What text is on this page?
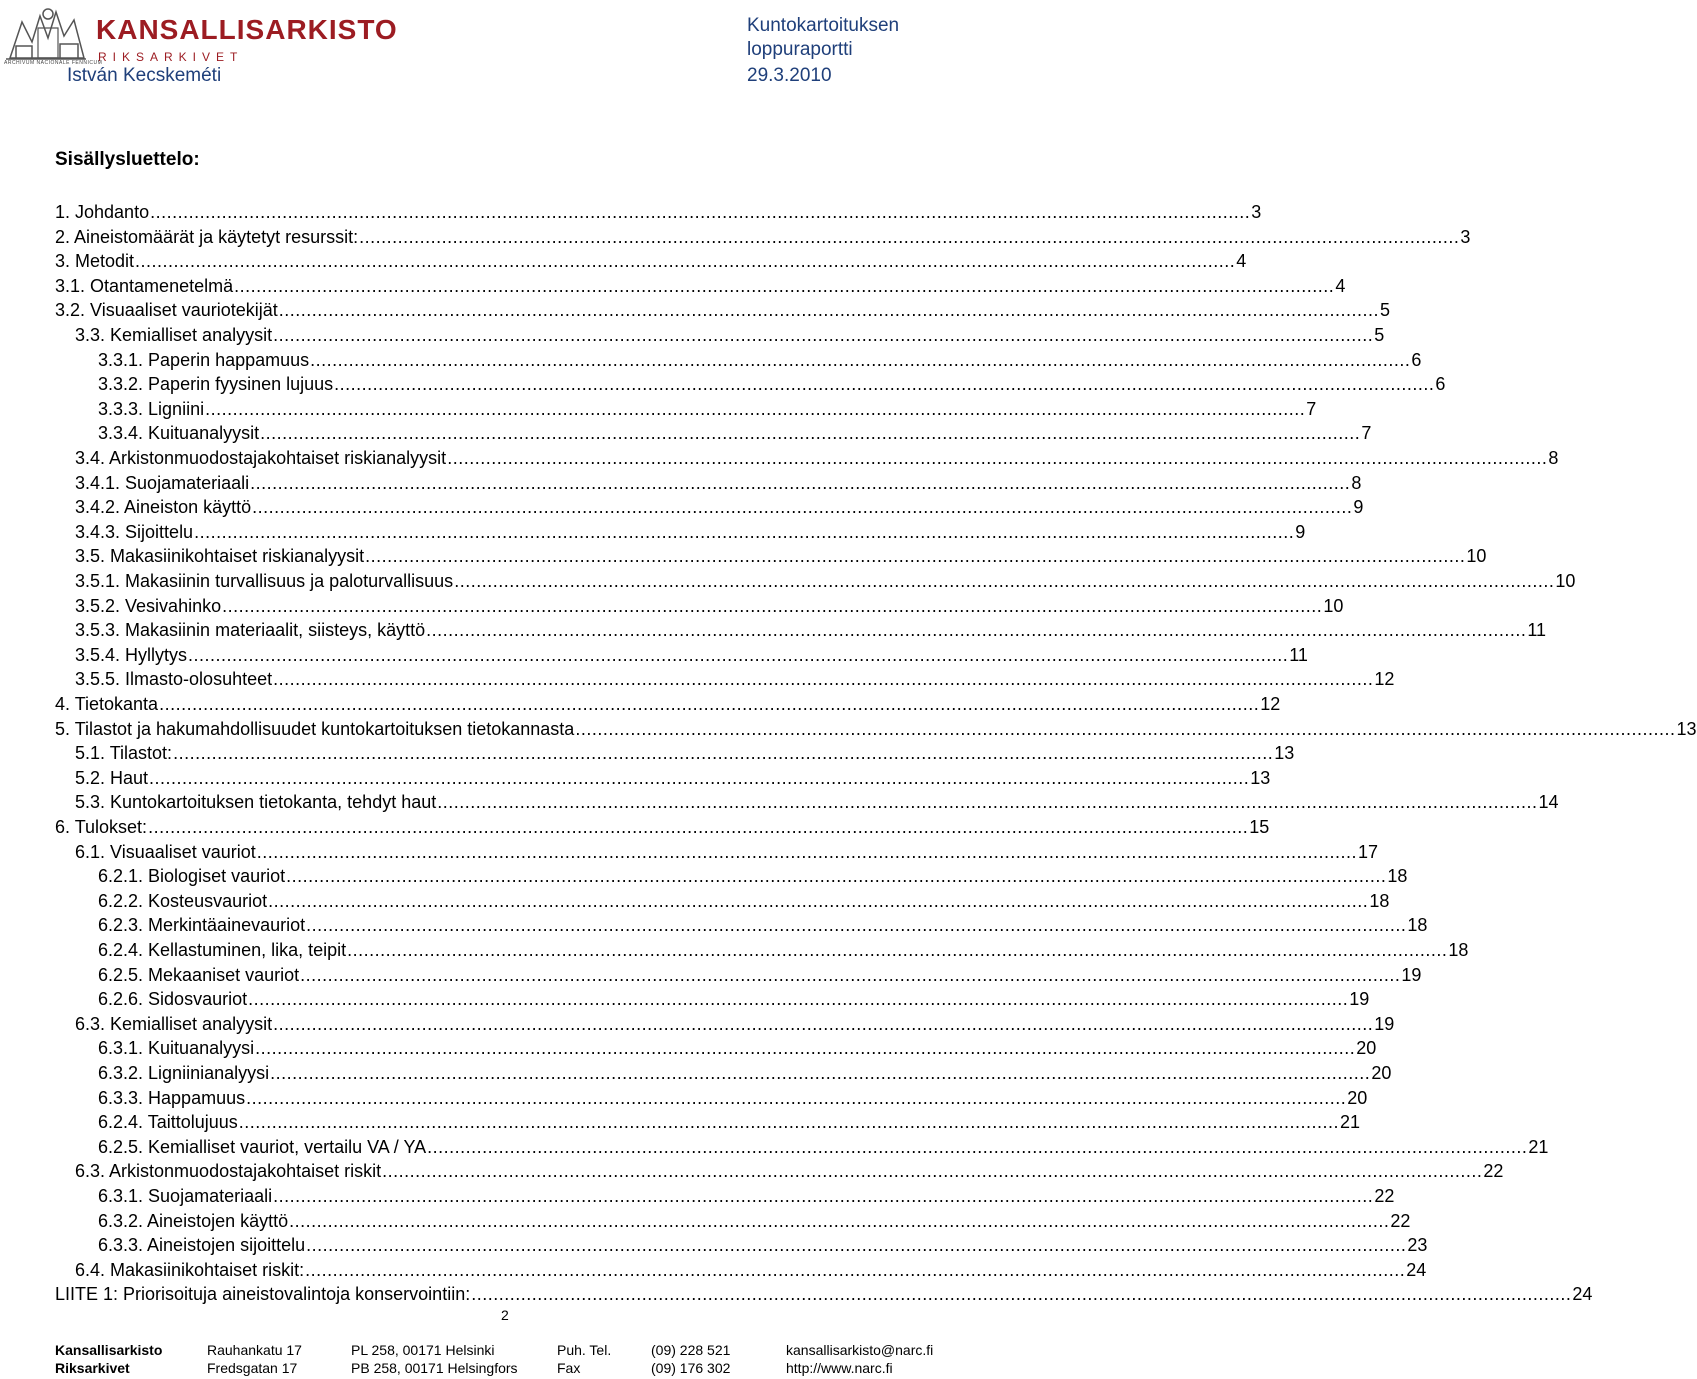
KANSALLISARKISTO
RIKSARKIVET
ARCHIVUM NACIONALE FENNICUM
István Kecskeméti
Kuntokartoituksen
loppuraportti
29.3.2010
Sisällysluettelo:
1. Johdanto ........................................................................................................................................................................................................ 3
2. Aineistomäärät ja käytetyt resurssit: ........................................................................................................................................................................................................ 3
3. Metodit ........................................................................................................................................................................................................ 4
3.1. Otantamenetelmä ........................................................................................................................................................................................................ 4
3.2. Visuaaliset vauriotekijät ........................................................................................................................................................................................................ 5
3.3. Kemialliset analyysit ........................................................................................................................................................................................................ 5
3.3.1. Paperin happamuus ........................................................................................................................................................................................................ 6
3.3.2. Paperin fyysinen lujuus ........................................................................................................................................................................................................ 6
3.3.3. Ligniini ........................................................................................................................................................................................................ 7
3.3.4. Kuituanalyysit ........................................................................................................................................................................................................ 7
3.4. Arkistonmuodostajakohtaiset riskianalyysit ........................................................................................................................................................................................................ 8
3.4.1. Suojamateriaali ........................................................................................................................................................................................................ 8
3.4.2. Aineiston käyttö ........................................................................................................................................................................................................ 9
3.4.3. Sijoittelu ........................................................................................................................................................................................................ 9
3.5. Makasiinikohtaiset riskianalyysit ........................................................................................................................................................................................................ 10
3.5.1. Makasiinin turvallisuus ja paloturvallisuus ........................................................................................................................................................................................................ 10
3.5.2. Vesivahinko ........................................................................................................................................................................................................ 10
3.5.3. Makasiinin materiaalit, siisteys, käyttö ........................................................................................................................................................................................................ 11
3.5.4. Hyllytys ........................................................................................................................................................................................................ 11
3.5.5. Ilmasto-olosuhteet ........................................................................................................................................................................................................ 12
4. Tietokanta ........................................................................................................................................................................................................ 12
5. Tilastot ja hakumahdollisuudet kuntokartoituksen tietokannasta ........................................................................................................................................................................................................ 13
5.1. Tilastot: ........................................................................................................................................................................................................ 13
5.2. Haut ........................................................................................................................................................................................................ 13
5.3. Kuntokartoituksen tietokanta, tehdyt haut ........................................................................................................................................................................................................ 14
6. Tulokset: ........................................................................................................................................................................................................ 15
6.1. Visuaaliset vauriot ........................................................................................................................................................................................................ 17
6.2.1. Biologiset vauriot ........................................................................................................................................................................................................ 18
6.2.2. Kosteusvauriot ........................................................................................................................................................................................................ 18
6.2.3. Merkintäainevauriot ........................................................................................................................................................................................................ 18
6.2.4. Kellastuminen, lika, teipit ........................................................................................................................................................................................................ 18
6.2.5. Mekaaniset vauriot ........................................................................................................................................................................................................ 19
6.2.6. Sidosvauriot ........................................................................................................................................................................................................ 19
6.3. Kemialliset analyysit ........................................................................................................................................................................................................ 19
6.3.1. Kuituanalyysi ........................................................................................................................................................................................................ 20
6.3.2. Ligniinianalyysi ........................................................................................................................................................................................................ 20
6.3.3. Happamuus ........................................................................................................................................................................................................ 20
6.2.4. Taittolujuus ........................................................................................................................................................................................................ 21
6.2.5. Kemialliset vauriot, vertailu VA / YA ........................................................................................................................................................................................................ 21
6.3. Arkistonmuodostajakohtaiset riskit ........................................................................................................................................................................................................ 22
6.3.1. Suojamateriaali ........................................................................................................................................................................................................ 22
6.3.2. Aineistojen käyttö ........................................................................................................................................................................................................ 22
6.3.3. Aineistojen sijoittelu ........................................................................................................................................................................................................ 23
6.4. Makasiinikohtaiset riskit: ........................................................................................................................................................................................................ 24
LIITE 1: Priorisoituja aineistovalintoja konservointiin: ........................................................................................................................................................................................................ 24
2
Kansallisarkisto	Rauhankatu 17	PL 258, 00171 Helsinki	Puh. Tel.	(09) 228 521	kansallisarkisto@narc.fi
Riksarkivet	Fredsgatan 17	PB 258, 00171 Helsingfors	Fax	(09) 176 302	http://www.narc.fi
